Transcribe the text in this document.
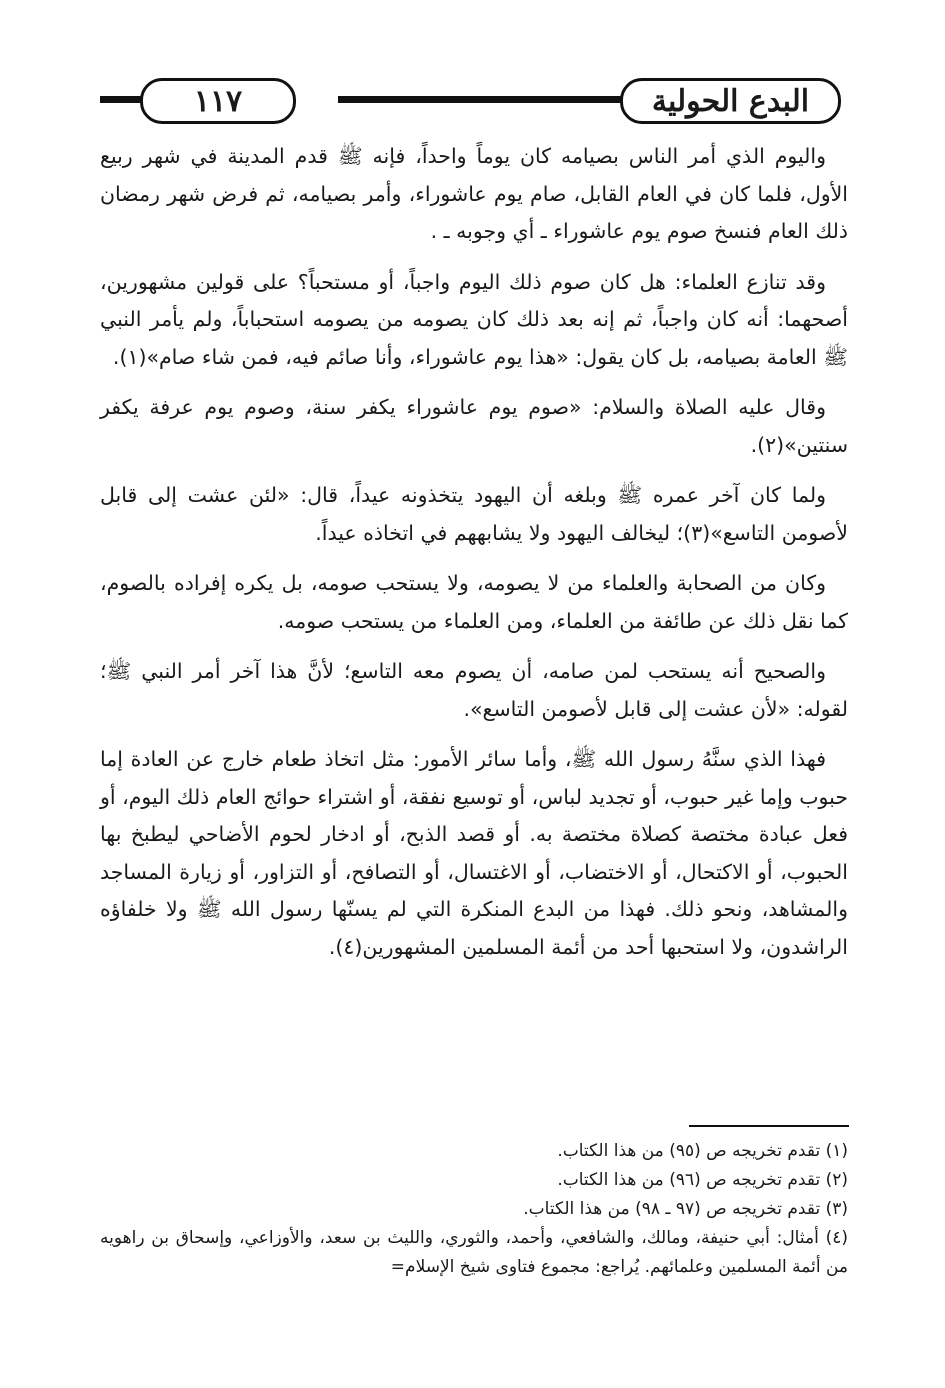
١١٧	البدع الحولية

واليوم الذي أمر الناس بصيامه كان يوماً واحداً، فإنه ﷺ قدم المدينة في شهر ربيع الأول، فلما كان في العام القابل، صام يوم عاشوراء، وأمر بصيامه، ثم فرض شهر رمضان ذلك العام فنسخ صوم يوم عاشوراء ـ أي وجوبه ـ .

وقد تنازع العلماء: هل كان صوم ذلك اليوم واجباً، أو مستحباً؟ على قولين مشهورين، أصحهما: أنه كان واجباً، ثم إنه بعد ذلك كان يصومه من يصومه استحباباً، ولم يأمر النبي ﷺ العامة بصيامه، بل كان يقول: «هذا يوم عاشوراء، وأنا صائم فيه، فمن شاء صام»(١).

وقال عليه الصلاة والسلام: «صوم يوم عاشوراء يكفر سنة، وصوم يوم عرفة يكفر سنتين»(٢).

ولما كان آخر عمره ﷺ وبلغه أن اليهود يتخذونه عيداً، قال: «لئن عشت إلى قابل لأصومن التاسع»(٣)؛ ليخالف اليهود ولا يشابههم في اتخاذه عيداً.

وكان من الصحابة والعلماء من لا يصومه، ولا يستحب صومه، بل يكره إفراده بالصوم، كما نقل ذلك عن طائفة من العلماء، ومن العلماء من يستحب صومه.

والصحيح أنه يستحب لمن صامه، أن يصوم معه التاسع؛ لأنَّ هذا آخر أمر النبي ﷺ؛ لقوله: «لأن عشت إلى قابل لأصومن التاسع».

فهذا الذي سنَّهُ رسول الله ﷺ، وأما سائر الأمور: مثل اتخاذ طعام خارج عن العادة إما حبوب وإما غير حبوب، أو تجديد لباس، أو توسيع نفقة، أو اشتراء حوائج العام ذلك اليوم، أو فعل عبادة مختصة كصلاة مختصة به. أو قصد الذبح، أو ادخار لحوم الأضاحي ليطبخ بها الحبوب، أو الاكتحال، أو الاختضاب، أو الاغتسال، أو التصافح، أو التزاور، أو زيارة المساجد والمشاهد، ونحو ذلك. فهذا من البدع المنكرة التي لم يسنّها رسول الله ﷺ ولا خلفاؤه الراشدون، ولا استحبها أحد من أئمة المسلمين المشهورين(٤).

(١) تقدم تخريجه ص (٩٥) من هذا الكتاب.
(٢) تقدم تخريجه ص (٩٦) من هذا الكتاب.
(٣) تقدم تخريجه ص (٩٧ ـ ٩٨) من هذا الكتاب.
(٤) أمثال: أبي حنيفة، ومالك، والشافعي، وأحمد، والثوري، والليث بن سعد، والأوزاعي، وإسحاق بن راهويه من أئمة المسلمين وعلمائهم. يُراجع: مجموع فتاوى شيخ الإسلام=
